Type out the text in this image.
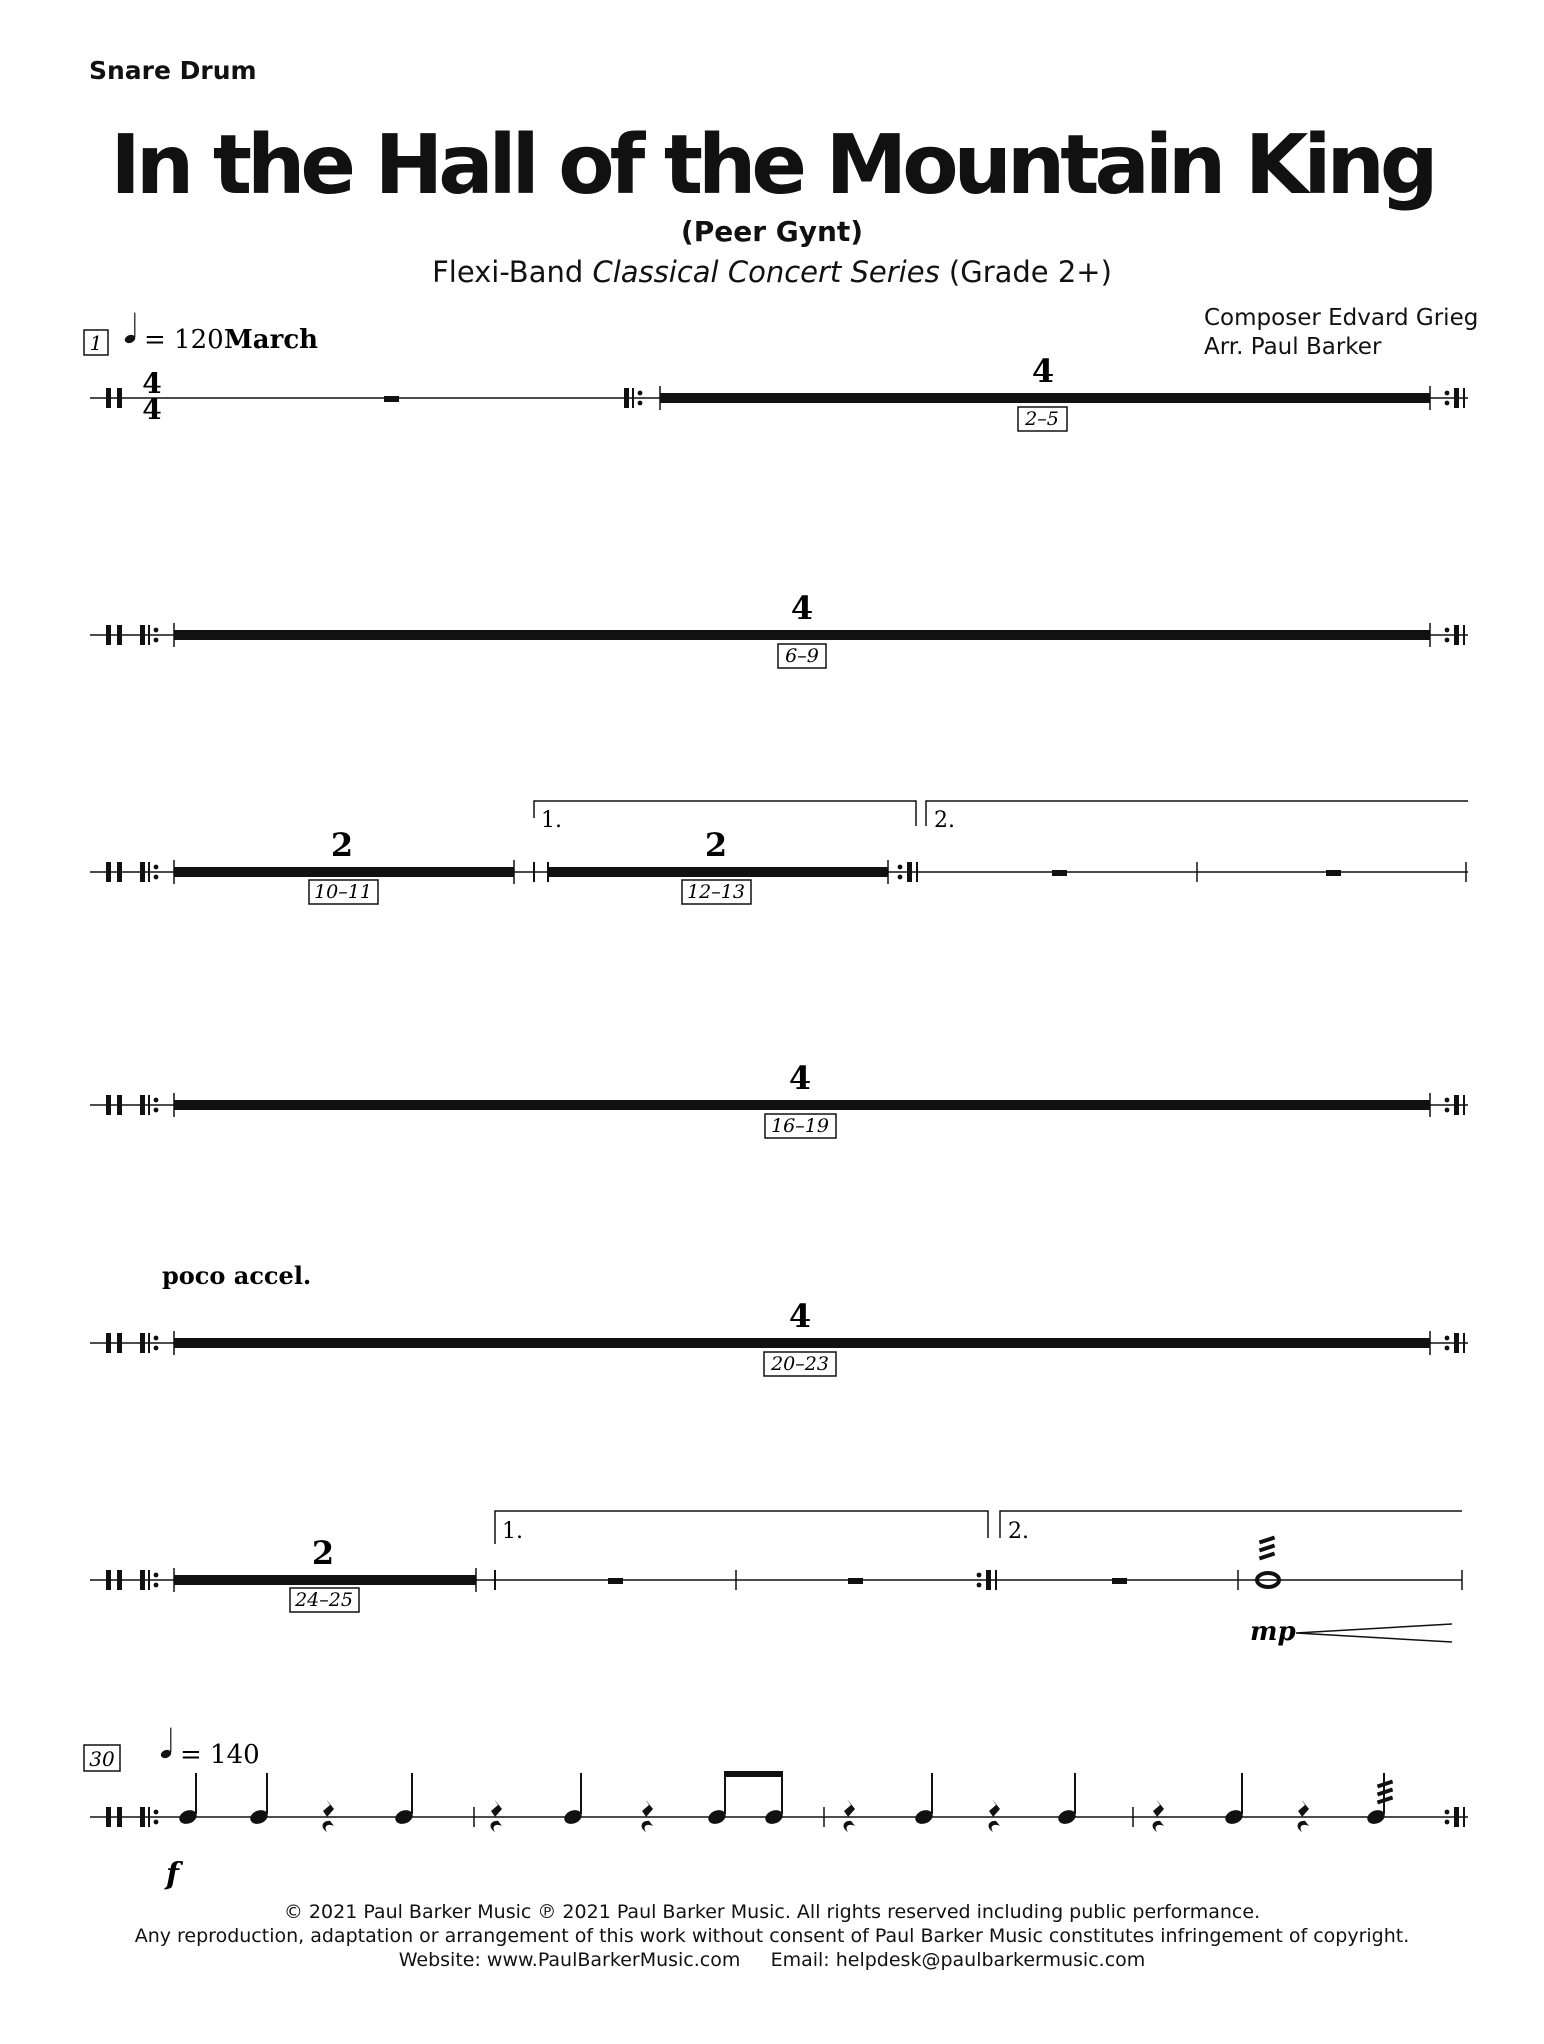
Snare Drum
In the Hall of the Mountain King
(Peer Gynt)
Flexi-Band Classical Concert Series (Grade 2+)
Composer Edvard Grieg
Arr. Paul Barker
1 = 120 March
4
4
4
2–5
4
6–9
2
10–11
1.
2
12–13
2.
4
16–19
poco accel.
4
20–23
2
24–25
1.	2.
mp
30	= 140
f
© 2021 Paul Barker Music ℗ 2021 Paul Barker Music. All rights reserved including public performance.
Any reproduction, adaptation or arrangement of this work without consent of Paul Barker Music constitutes infringement of copyright.
Website: www.PaulBarkerMusic.com     Email: helpdesk@paulbarkermusic.com
